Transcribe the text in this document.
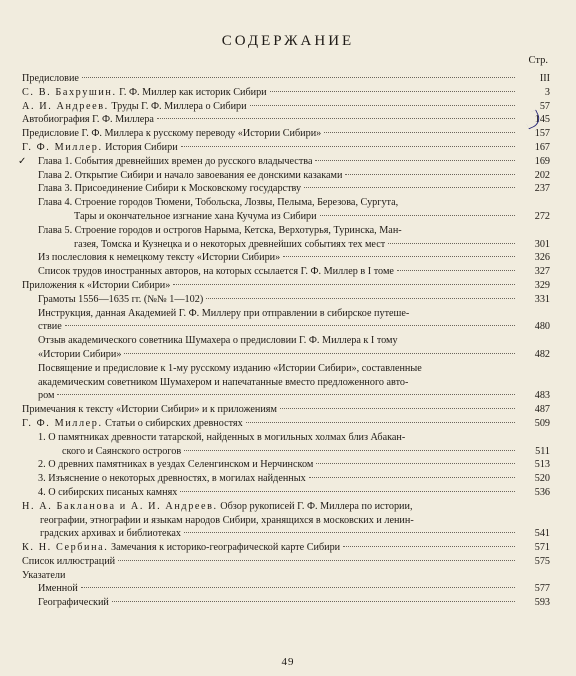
СОДЕРЖАНИЕ
Стр.
Предисловие	III
С. В. Бахрушин. Г. Ф. Миллер как историк Сибири	3
А. И. Андреев. Труды Г. Ф. Миллера о Сибири	57
Автобиография Г. Ф. Миллера	145
Предисловие Г. Ф. Миллера к русскому переводу «Истории Сибири»	157
Г. Ф. Миллер. История Сибири	167
✓ Глава 1. События древнейших времен до русского владычества	169
Глава 2. Открытие Сибири и начало завоевания ее донскими казаками	202
Глава 3. Присоединение Сибири к Московскому государству	237
Глава 4. Строение городов Тюмени, Тобольска, Лозвы, Пелыма, Березова, Сургута,
Тары и окончательное изгнание хана Кучума из Сибири	272
Глава 5. Строение городов и острогов Нарыма, Кетска, Верхотурья, Туринска, Ман-
газея, Томска и Кузнецка и о некоторых древнейших событиях тех мест	301
Из послесловия к немецкому тексту «Истории Сибири»	326
Список трудов иностранных авторов, на которых ссылается Г. Ф. Миллер в I томе	327
Приложения к «Истории Сибири»	329
Грамоты 1556—1635 гг. (№№ 1—102)	331
Инструкция, данная Академией Г. Ф. Миллеру при отправлении в сибирское путеше-
ствие	480
Отзыв академического советника Шумахера о предисловии Г. Ф. Миллера к I тому
«Истории Сибири»	482
Посвящение и предисловие к 1-му русскому изданию «Истории Сибири», составленные
академическим советником Шумахером и напечатанные вместо предложенного авто-
ром	483
Примечания к тексту «Истории Сибири» и к приложениям	487
Г. Ф. Миллер. Статьи о сибирских древностях	509
1. О памятниках древности татарской, найденных в могильных холмах близ Абакан-
ского и Саянского острогов	511
2. О древних памятниках в уездах Селенгинском и Нерчинском	513
3. Изъяснение о некоторых древностях, в могилах найденных	520
4. О сибирских писаных камнях	536
Н. А. Бакланова и А. И. Андреев. Обзор рукописей Г. Ф. Миллера по истории,
географии, этнографии и языкам народов Сибири, хранящихся в московских и ленин-
градских архивах и библиотеках	541
К. Н. Сербина. Замечания к историко-географической карте Сибири	571
Список иллюстраций	575
Указатели
Именной	577
Географический	593
49
